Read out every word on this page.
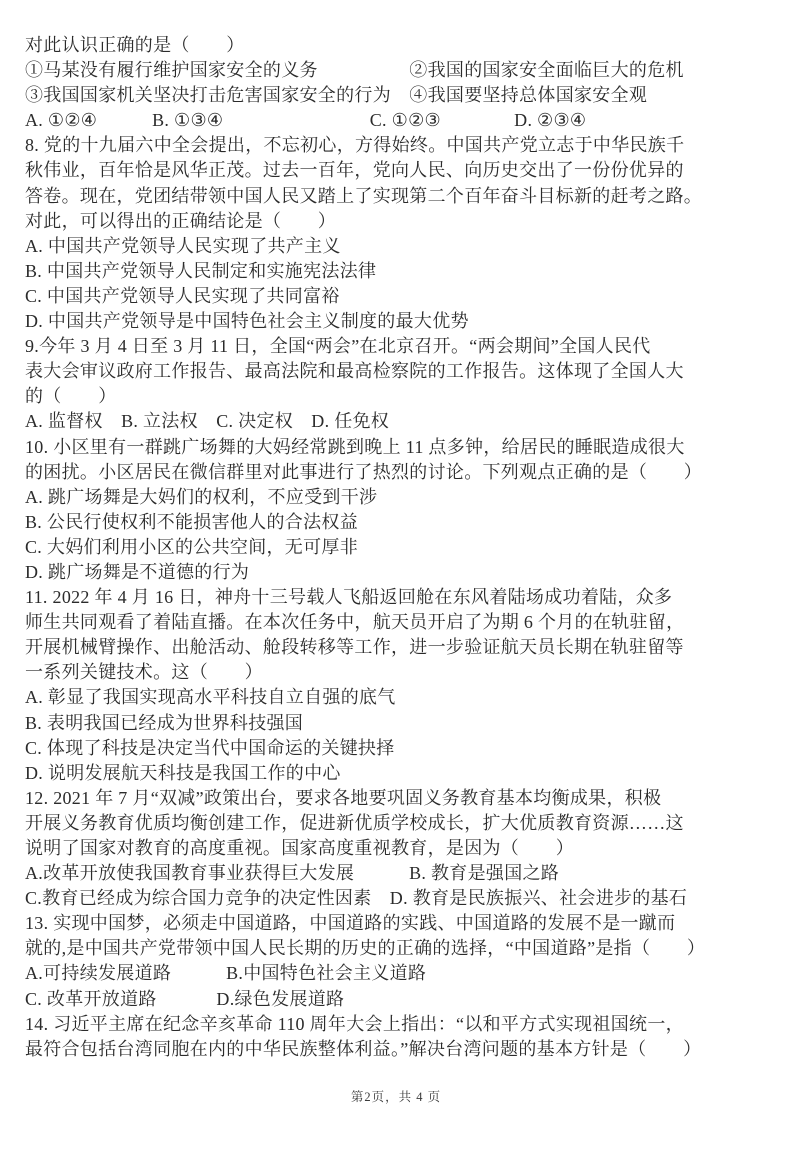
对此认识正确的是（　　）
①马某没有履行维护国家安全的义务　　　　　②我国的国家安全面临巨大的危机
③我国国家机关坚决打击危害国家安全的行为　④我国要坚持总体国家安全观
A. ①②④　　　B. ①③④　　　　　　　　C. ①②③　　　　D. ②③④
8. 党的十九届六中全会提出，不忘初心，方得始终。中国共产党立志于中华民族千
秋伟业，百年恰是风华正茂。过去一百年，党向人民、向历史交出了一份份优异的
答卷。现在，党团结带领中国人民又踏上了实现第二个百年奋斗目标新的赶考之路。
对此，可以得出的正确结论是（　　）
A. 中国共产党领导人民实现了共产主义
B. 中国共产党领导人民制定和实施宪法法律
C. 中国共产党领导人民实现了共同富裕
D. 中国共产党领导是中国特色社会主义制度的最大优势
9.今年 3 月 4 日至 3 月 11 日，全国“两会”在北京召开。“两会期间”全国人民代
表大会审议政府工作报告、最高法院和最高检察院的工作报告。这体现了全国人大
的（　　）
A. 监督权　B. 立法权　C. 决定权　D. 任免权
10. 小区里有一群跳广场舞的大妈经常跳到晚上 11 点多钟，给居民的睡眠造成很大
的困扰。小区居民在微信群里对此事进行了热烈的讨论。下列观点正确的是（　　）
A. 跳广场舞是大妈们的权利，不应受到干涉
B. 公民行使权利不能损害他人的合法权益
C. 大妈们利用小区的公共空间，无可厚非
D. 跳广场舞是不道德的行为
11. 2022 年 4 月 16 日，神舟十三号载人飞船返回舱在东风着陆场成功着陆，众多
师生共同观看了着陆直播。在本次任务中，航天员开启了为期 6 个月的在轨驻留，
开展机械臂操作、出舱活动、舱段转移等工作，进一步验证航天员长期在轨驻留等
一系列关键技术。这（　　）
A. 彰显了我国实现高水平科技自立自强的底气
B. 表明我国已经成为世界科技强国
C. 体现了科技是决定当代中国命运的关键抉择
D. 说明发展航天科技是我国工作的中心
12. 2021 年 7 月“双减”政策出台，要求各地要巩固义务教育基本均衡成果，积极
开展义务教育优质均衡创建工作，促进新优质学校成长，扩大优质教育资源……这
说明了国家对教育的高度重视。国家高度重视教育，是因为（　　）
A.改革开放使我国教育事业获得巨大发展　　　B. 教育是强国之路
C.教育已经成为综合国力竞争的决定性因素　D. 教育是民族振兴、社会进步的基石
13. 实现中国梦，必须走中国道路，中国道路的实践、中国道路的发展不是一蹴而
就的,是中国共产党带领中国人民长期的历史的正确的选择，“中国道路”是指（　　）
A.可持续发展道路　　　B.中国特色社会主义道路
C. 改革开放道路　　　 D.绿色发展道路
14. 习近平主席在纪念辛亥革命 110 周年大会上指出：“以和平方式实现祖国统一，
最符合包括台湾同胞在内的中华民族整体利益。”解决台湾问题的基本方针是（　　）
第2页，共 4 页
